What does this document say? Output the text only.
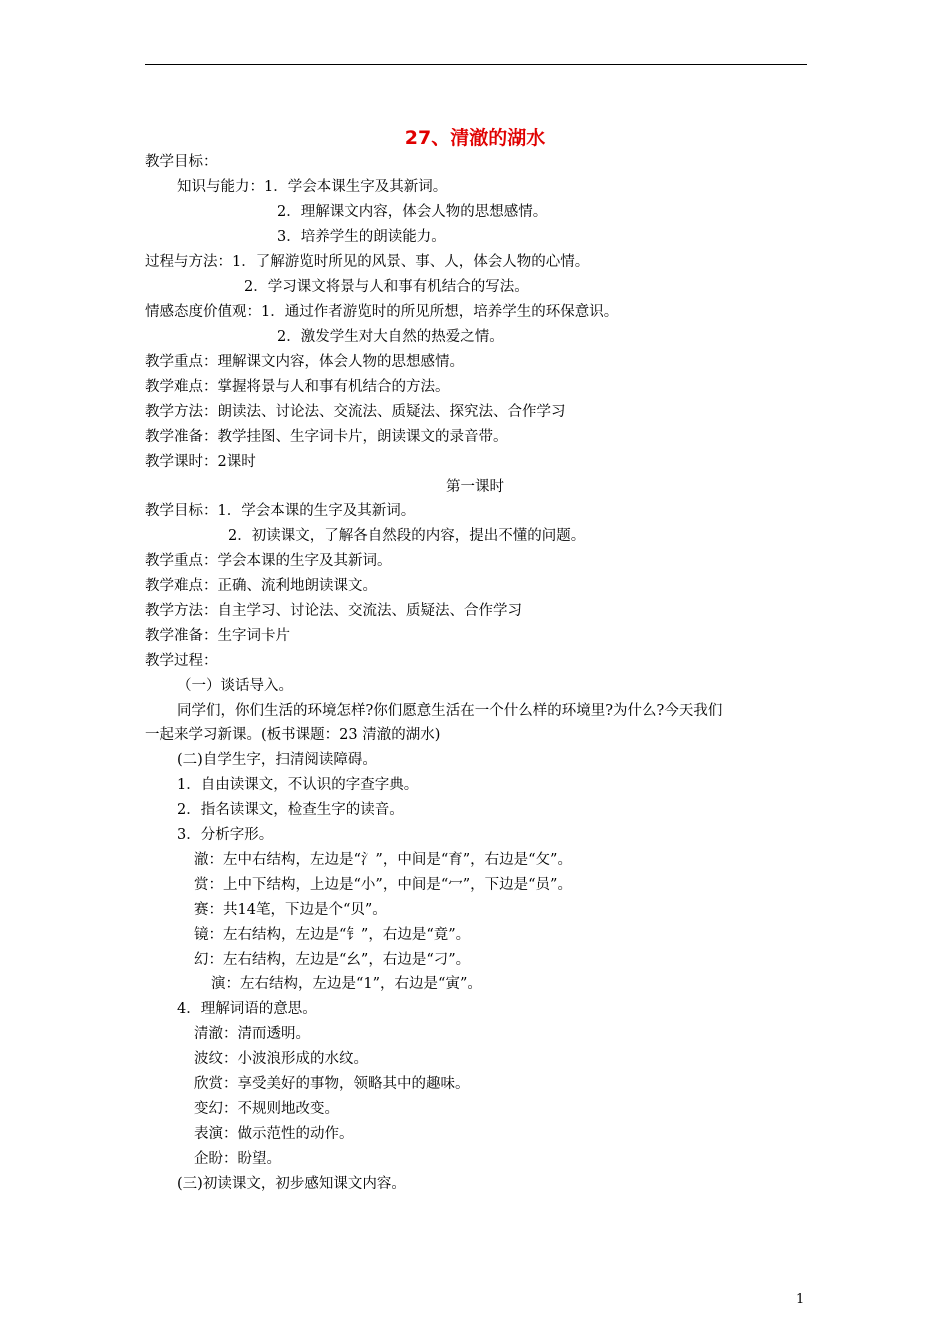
27、清澈的湖水
教学目标：
知识与能力：1．学会本课生字及其新词。
2．理解课文内容，体会人物的思想感情。
3．培养学生的朗读能力。
过程与方法：1．了解游览时所见的风景、事、人，体会人物的心情。
2．学习课文将景与人和事有机结合的写法。
情感态度价值观：1．通过作者游览时的所见所想，培养学生的环保意识。
2．激发学生对大自然的热爱之情。
教学重点：理解课文内容，体会人物的思想感情。
教学难点：掌握将景与人和事有机结合的方法。
教学方法：朗读法、讨论法、交流法、质疑法、探究法、合作学习
教学准备：教学挂图、生字词卡片，朗读课文的录音带。
教学课时：2课时
第一课时
教学目标：1．学会本课的生字及其新词。
2．初读课文，了解各自然段的内容，提出不懂的问题。
教学重点：学会本课的生字及其新词。
教学难点：正确、流利地朗读课文。
教学方法：自主学习、讨论法、交流法、质疑法、合作学习
教学准备：生字词卡片
教学过程：
（一）谈话导入。
同学们，你们生活的环境怎样?你们愿意生活在一个什么样的环境里?为什么?今天我们
一起来学习新课。(板书课题：23 清澈的湖水)
(二)自学生字，扫清阅读障碍。
1．自由读课文，不认识的字查字典。
2．指名读课文，检查生字的读音。
3．分析字形。
澈：左中右结构，左边是“氵”，中间是“育”，右边是“攵”。
赏：上中下结构，上边是“小”，中间是“冖”，下边是“员”。
赛：共14笔，下边是个“贝”。
镜：左右结构，左边是“钅”，右边是“竟”。
幻：左右结构，左边是“幺”，右边是“刁”。
演：左右结构，左边是“1”，右边是“寅”。
4．理解词语的意思。
清澈：清而透明。
波纹：小波浪形成的水纹。
欣赏：享受美好的事物，领略其中的趣味。
变幻：不规则地改变。
表演：做示范性的动作。
企盼：盼望。
(三)初读课文，初步感知课文内容。
1
